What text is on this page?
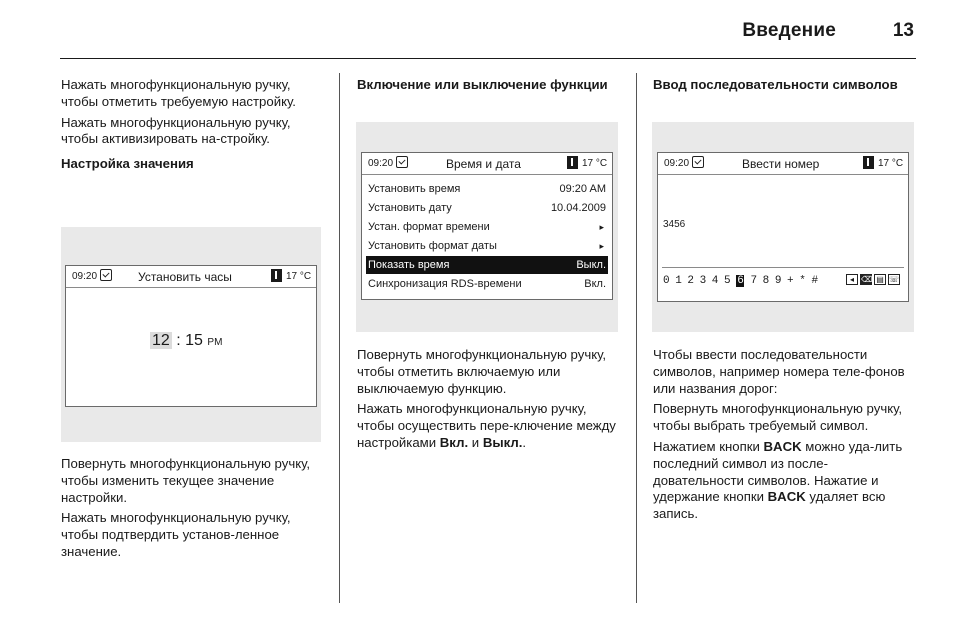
Введение	13

Нажать многофункциональную ручку, чтобы отметить требуемую настройку.

Нажать многофункциональную ручку, чтобы активизировать на-стройку.

Настройка значения
09:20	Установить часы	17 °C
12 : 15 PM

Повернуть многофункциональную ручку, чтобы изменить текущее значение настройки.

Нажать многофункциональную ручку, чтобы подтвердить установ-ленное значение.

Включение или выключение функции
09:20	Время и дата	17 °C
Установить время	09:20 AM
Установить дату	10.04.2009
Устан. формат времени	▸
Установить формат даты	▸
Показать время	Выкл.
Синхронизация RDS-времени	Вкл.

Повернуть многофункциональную ручку, чтобы отметить включаемую или выключаемую функцию.

Нажать многофункциональную ручку, чтобы осуществить пере-ключение между настройками Вкл. и Выкл..

Ввод последовательности символов
09:20	Ввести номер	17 °C
3456
0 1 2 3 4 5 6 7 8 9 + * #	◂ ⌫ ▤ ☏

Чтобы ввести последовательности символов, например номера теле-фонов или названия дорог:

Повернуть многофункциональную ручку, чтобы выбрать требуемый символ.

Нажатием кнопки BACK можно уда-лить последний символ из после-довательности символов. Нажатие и удержание кнопки BACK удаляет всю запись.
